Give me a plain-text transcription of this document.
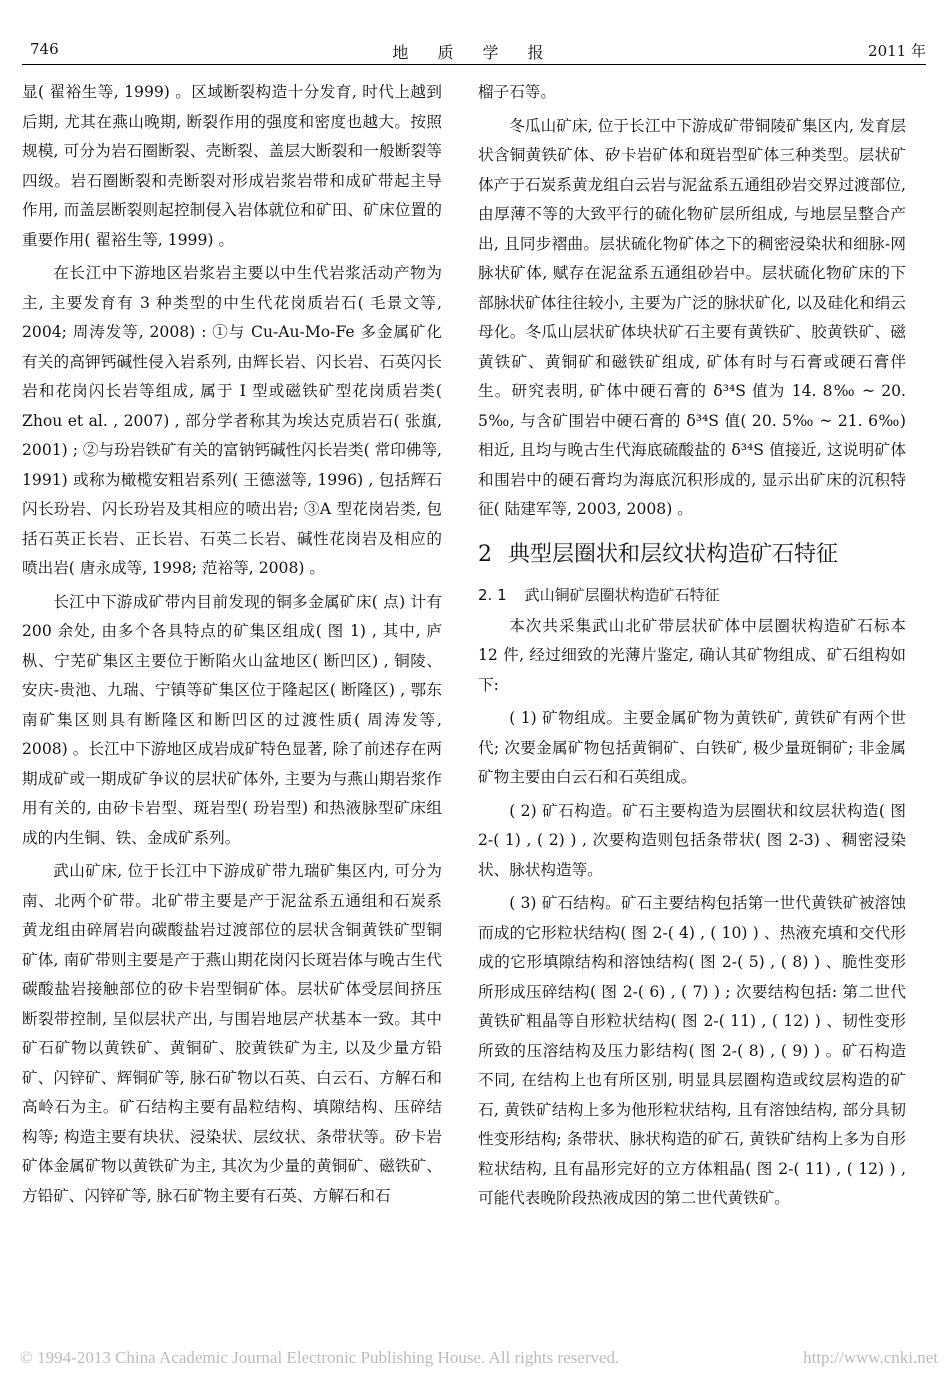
746	地 质 学 报	2011 年

显( 翟裕生等, 1999) 。区域断裂构造十分发育, 时代上越到后期, 尤其在燕山晚期, 断裂作用的强度和密度也越大。按照规模, 可分为岩石圈断裂、壳断裂、盖层大断裂和一般断裂等四级。岩石圈断裂和壳断裂对形成岩浆岩带和成矿带起主导作用, 而盖层断裂则起控制侵入岩体就位和矿田、矿床位置的重要作用( 翟裕生等, 1999) 。

在长江中下游地区岩浆岩主要以中生代岩浆活动产物为主, 主要发育有 3 种类型的中生代花岗质岩石( 毛景文等, 2004; 周涛发等, 2008) : ①与 Cu-Au-Mo-Fe 多金属矿化有关的高钾钙碱性侵入岩系列, 由辉长岩、闪长岩、石英闪长岩和花岗闪长岩等组成, 属于 I 型或磁铁矿型花岗质岩类( Zhou et al. , 2007) , 部分学者称其为埃达克质岩石( 张旗, 2001) ; ②与玢岩铁矿有关的富钠钙碱性闪长岩类( 常印佛等, 1991) 或称为橄榄安粗岩系列( 王德滋等, 1996) , 包括辉石闪长玢岩、闪长玢岩及其相应的喷出岩; ③A 型花岗岩类, 包括石英正长岩、正长岩、石英二长岩、碱性花岗岩及相应的喷出岩( 唐永成等, 1998; 范裕等, 2008) 。

长江中下游成矿带内目前发现的铜多金属矿床( 点) 计有 200 余处, 由多个各具特点的矿集区组成( 图 1) , 其中, 庐枞、宁芜矿集区主要位于断陷火山盆地区( 断凹区) , 铜陵、安庆-贵池、九瑞、宁镇等矿集区位于隆起区( 断隆区) , 鄂东南矿集区则具有断隆区和断凹区的过渡性质( 周涛发等, 2008) 。长江中下游地区成岩成矿特色显著, 除了前述存在两期成矿或一期成矿争议的层状矿体外, 主要为与燕山期岩浆作用有关的, 由矽卡岩型、斑岩型( 玢岩型) 和热液脉型矿床组成的内生铜、铁、金成矿系列。

武山矿床, 位于长江中下游成矿带九瑞矿集区内, 可分为南、北两个矿带。北矿带主要是产于泥盆系五通组和石炭系黄龙组由碎屑岩向碳酸盐岩过渡部位的层状含铜黄铁矿型铜矿体, 南矿带则主要是产于燕山期花岗闪长斑岩体与晚古生代碳酸盐岩接触部位的矽卡岩型铜矿体。层状矿体受层间挤压断裂带控制, 呈似层状产出, 与围岩地层产状基本一致。其中矿石矿物以黄铁矿、黄铜矿、胶黄铁矿为主, 以及少量方铅矿、闪锌矿、辉铜矿等, 脉石矿物以石英、白云石、方解石和高岭石为主。矿石结构主要有晶粒结构、填隙结构、压碎结构等; 构造主要有块状、浸染状、层纹状、条带状等。矽卡岩矿体金属矿物以黄铁矿为主, 其次为少量的黄铜矿、磁铁矿、方铅矿、闪锌矿等, 脉石矿物主要有石英、方解石和石

榴子石等。

冬瓜山矿床, 位于长江中下游成矿带铜陵矿集区内, 发育层状含铜黄铁矿体、矽卡岩矿体和斑岩型矿体三种类型。层状矿体产于石炭系黄龙组白云岩与泥盆系五通组砂岩交界过渡部位, 由厚薄不等的大致平行的硫化物矿层所组成, 与地层呈整合产出, 且同步褶曲。层状硫化物矿体之下的稠密浸染状和细脉-网脉状矿体, 赋存在泥盆系五通组砂岩中。层状硫化物矿床的下部脉状矿体往往较小, 主要为广泛的脉状矿化, 以及硅化和绢云母化。冬瓜山层状矿体块状矿石主要有黄铁矿、胶黄铁矿、磁黄铁矿、黄铜矿和磁铁矿组成, 矿体有时与石膏或硬石膏伴生。研究表明, 矿体中硬石膏的 δ³⁴S 值为 14. 8‰ ~ 20. 5‰, 与含矿围岩中硬石膏的 δ³⁴S 值( 20. 5‰ ~ 21. 6‰) 相近, 且均与晚古生代海底硫酸盐的 δ³⁴S 值接近, 这说明矿体和围岩中的硬石膏均为海底沉积形成的, 显示出矿床的沉积特征( 陆建军等, 2003, 2008) 。

2 典型层圈状和层纹状构造矿石特征
2. 1 武山铜矿层圈状构造矿石特征

本次共采集武山北矿带层状矿体中层圈状构造矿石标本 12 件, 经过细致的光薄片鉴定, 确认其矿物组成、矿石组构如下:

( 1) 矿物组成。主要金属矿物为黄铁矿, 黄铁矿有两个世代; 次要金属矿物包括黄铜矿、白铁矿, 极少量斑铜矿; 非金属矿物主要由白云石和石英组成。

( 2) 矿石构造。矿石主要构造为层圈状和纹层状构造( 图 2-( 1) , ( 2) ) , 次要构造则包括条带状( 图 2-3) 、稠密浸染状、脉状构造等。

( 3) 矿石结构。矿石主要结构包括第一世代黄铁矿被溶蚀而成的它形粒状结构( 图 2-( 4) , ( 10) ) 、热液充填和交代形成的它形填隙结构和溶蚀结构( 图 2-( 5) , ( 8) ) 、脆性变形所形成压碎结构( 图 2-( 6) , ( 7) ) ; 次要结构包括: 第二世代黄铁矿粗晶等自形粒状结构( 图 2-( 11) , ( 12) ) 、韧性变形所致的压溶结构及压力影结构( 图 2-( 8) , ( 9) ) 。矿石构造不同, 在结构上也有所区别, 明显具层圈构造或纹层构造的矿石, 黄铁矿结构上多为他形粒状结构, 且有溶蚀结构, 部分具韧性变形结构; 条带状、脉状构造的矿石, 黄铁矿结构上多为自形粒状结构, 且有晶形完好的立方体粗晶( 图 2-( 11) , ( 12) ) , 可能代表晚阶段热液成因的第二世代黄铁矿。

© 1994-2013 China Academic Journal Electronic Publishing House. All rights reserved.	http://www.cnki.net
